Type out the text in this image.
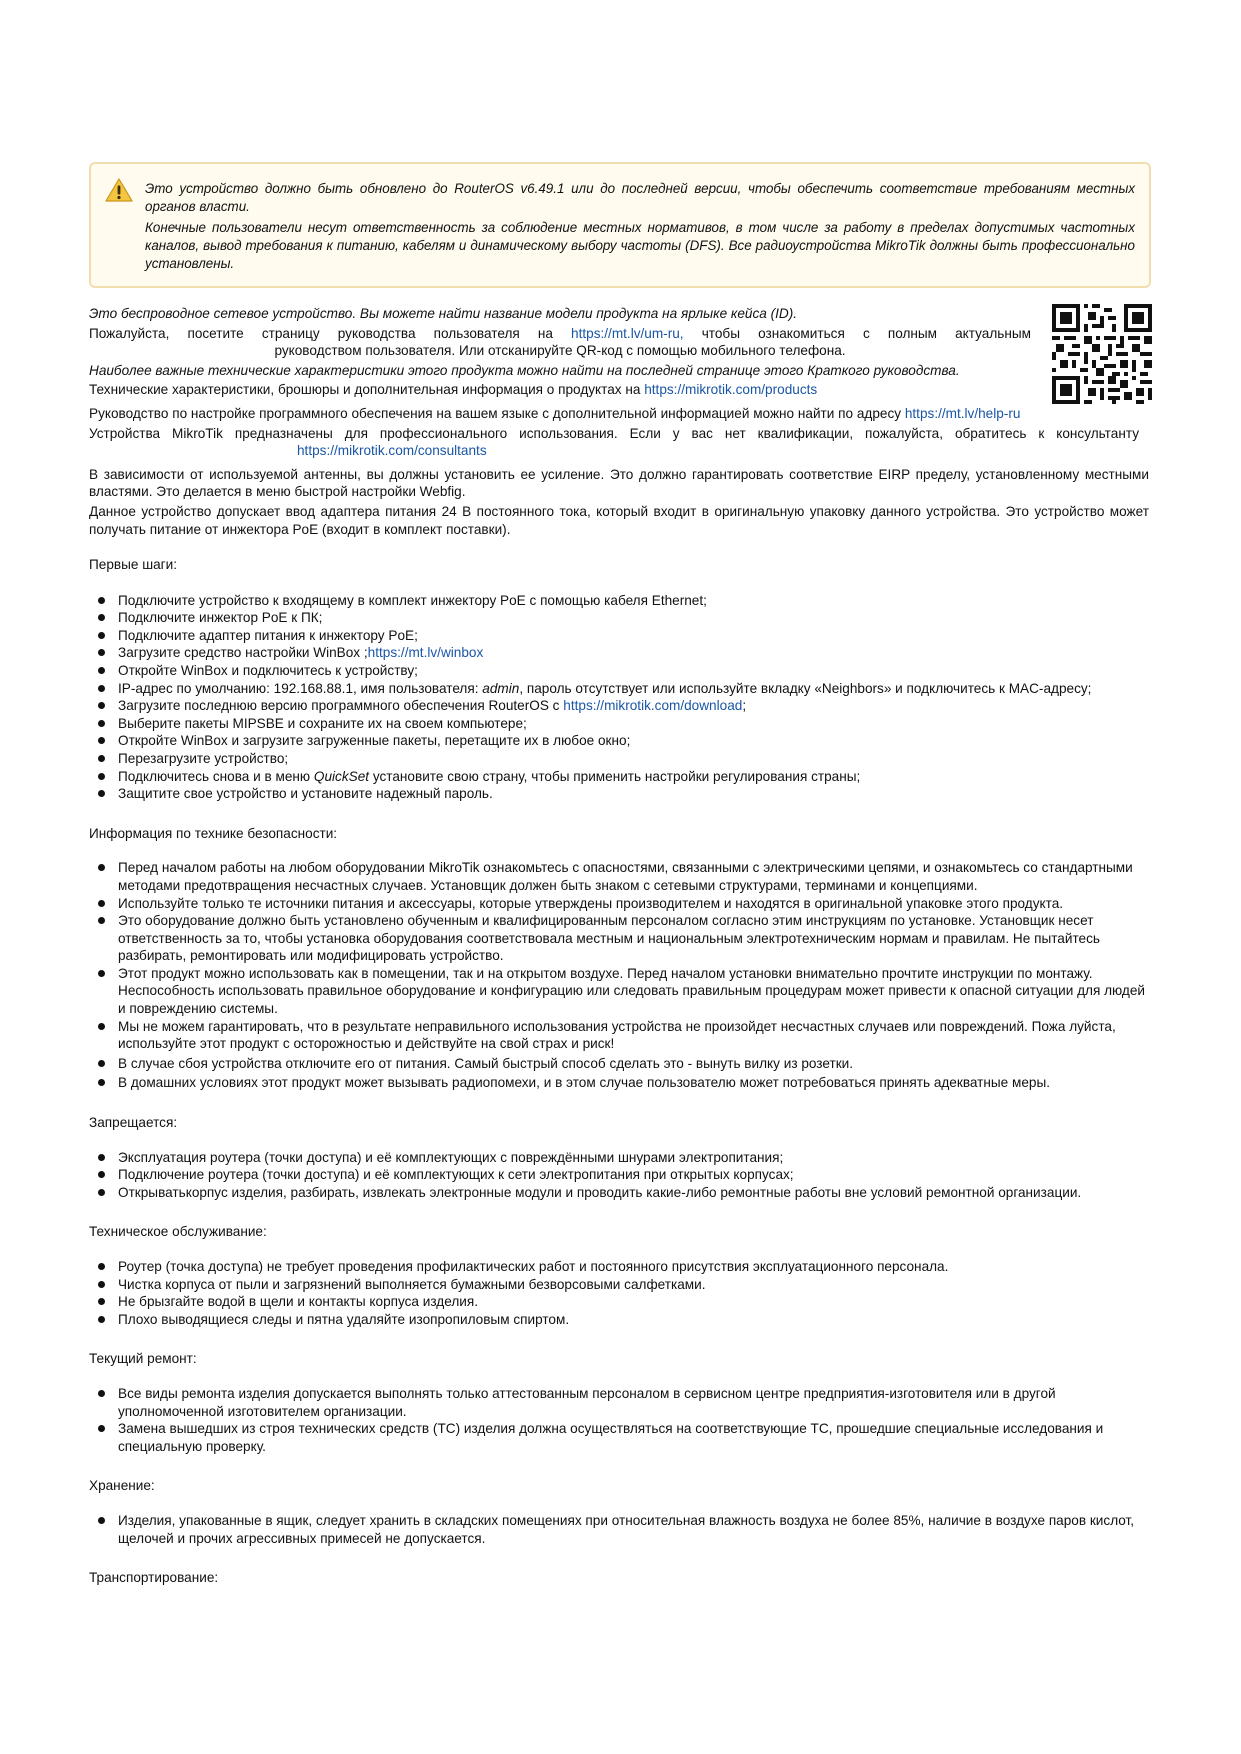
Это устройство должно быть обновлено до RouterOS v6.49.1 или до последней версии, чтобы обеспечить соответствие требованиям местных органов власти.

Конечные пользователи несут ответственность за соблюдение местных нормативов, в том числе за работу в пределах допустимых частотных каналов, вывод требования к питанию, кабелям и динамическому выбору частоты (DFS). Все радиоустройства MikroTik должны быть профессионально установлены.

Это беспроводное сетевое устройство. Вы можете найти название модели продукта на ярлыке кейса (ID).

Пожалуйста, посетите страницу руководства пользователя на https://mt.lv/um-ru, чтобы ознакомиться с полным актуальным

руководством пользователя. Или отсканируйте QR-код с помощью мобильного телефона.

Наиболее важные технические характеристики этого продукта можно найти на последней странице этого Краткого руководства.

Технические характеристики, брошюры и дополнительная информация о продуктах на https://mikrotik.com/products

Руководство по настройке программного обеспечения на вашем языке с дополнительной информацией можно найти по адресу https://mt.lv/help-ru

Устройства MikroTik предназначены для профессионального использования. Если у вас нет квалификации, пожалуйста, обратитесь к консультанту

https://mikrotik.com/consultants

В зависимости от используемой антенны, вы должны установить ее усиление. Это должно гарантировать соответствие EIRP пределу, установленному местными властями. Это делается в меню быстрой настройки Webfig.

Данное устройство допускает ввод адаптера питания 24 В постоянного тока, который входит в оригинальную упаковку данного устройства. Это устройство может получать питание от инжектора PoE (входит в комплект поставки).

Первые шаги:
Подключите устройство к входящему в комплект инжектору PoE с помощью кабеля Ethernet;
Подключите инжектор PoE к ПК;
Подключите адаптер питания к инжектору PoE;
Загрузите средство настройки WinBox ;https://mt.lv/winbox
Откройте WinBox и подключитесь к устройству;
IP-адрес по умолчанию: 192.168.88.1, имя пользователя: admin, пароль отсутствует или используйте вкладку «Neighbors» и подключитесь к MAC-адресу;
Загрузите последнюю версию программного обеспечения RouterOS с https://mikrotik.com/download;
Выберите пакеты MIPSBE и сохраните их на своем компьютере;
Откройте WinBox и загрузите загруженные пакеты, перетащите их в любое окно;
Перезагрузите устройство;
Подключитесь снова и в меню QuickSet установите свою страну, чтобы применить настройки регулирования страны;
Защитите свое устройство и установите надежный пароль.
Информация по технике безопасности:
Перед началом работы на любом оборудовании MikroTik ознакомьтесь с опасностями, связанными с электрическими цепями, и ознакомьтесь со стандартными методами предотвращения несчастных случаев. Установщик должен быть знаком с сетевыми структурами, терминами и концепциями.
Используйте только те источники питания и аксессуары, которые утверждены производителем и находятся в оригинальной упаковке этого продукта.
Это оборудование должно быть установлено обученным и квалифицированным персоналом согласно этим инструкциям по установке. Установщик несет ответственность за то, чтобы установка оборудования соответствовала местным и национальным электротехническим нормам и правилам. Не пытайтесь разбирать, ремонтировать или модифицировать устройство.
Этот продукт можно использовать как в помещении, так и на открытом воздухе. Перед началом установки внимательно прочтите инструкции по монтажу. Неспособность использовать правильное оборудование и конфигурацию или следовать правильным процедурам может привести к опасной ситуации для людей и повреждению системы.
Мы не можем гарантировать, что в результате неправильного использования устройства не произойдет несчастных случаев или повреждений. Пожа луйста, используйте этот продукт с осторожностью и действуйте на свой страх и риск!
В случае сбоя устройства отключите его от питания. Самый быстрый способ сделать это - вынуть вилку из розетки.
В домашних условиях этот продукт может вызывать радиопомехи, и в этом случае пользователю может потребоваться принять адекватные меры.
Запрещается:
Эксплуатация роутера (точки доступа) и её комплектующих с повреждёнными шнурами электропитания;
Подключение роутера (точки доступа) и её комплектующих к сети электропитания при открытых корпусах;
Открыватькорпус изделия, разбирать, извлекать электронные модули и проводить какие-либо ремонтные работы вне условий ремонтной организации.
Техническое обслуживание:
Роутер (точка доступа) не требует проведения профилактических работ и постоянного присутствия эксплуатационного персонала.
Чистка корпуса от пыли и загрязнений выполняется бумажными безворсовыми салфетками.
Не брызгайте водой в щели и контакты корпуса изделия.
Плохо выводящиеся следы и пятна удаляйте изопропиловым спиртом.
Текущий ремонт:
Все виды ремонта изделия допускается выполнять только аттестованным персоналом в сервисном центре предприятия-изготовителя или в другой уполномоченной изготовителем организации.
Замена вышедших из строя технических средств (ТС) изделия должна осуществляться на соответствующие ТС, прошедшие специальные исследования и специальную проверку.
Хранение:
Изделия, упакованные в ящик, следует хранить в складских помещениях при относительная влажность воздуха не более 85%, наличие в воздухе паров кислот, щелочей и прочих агрессивных примесей не допускается.
Транспортирование:
